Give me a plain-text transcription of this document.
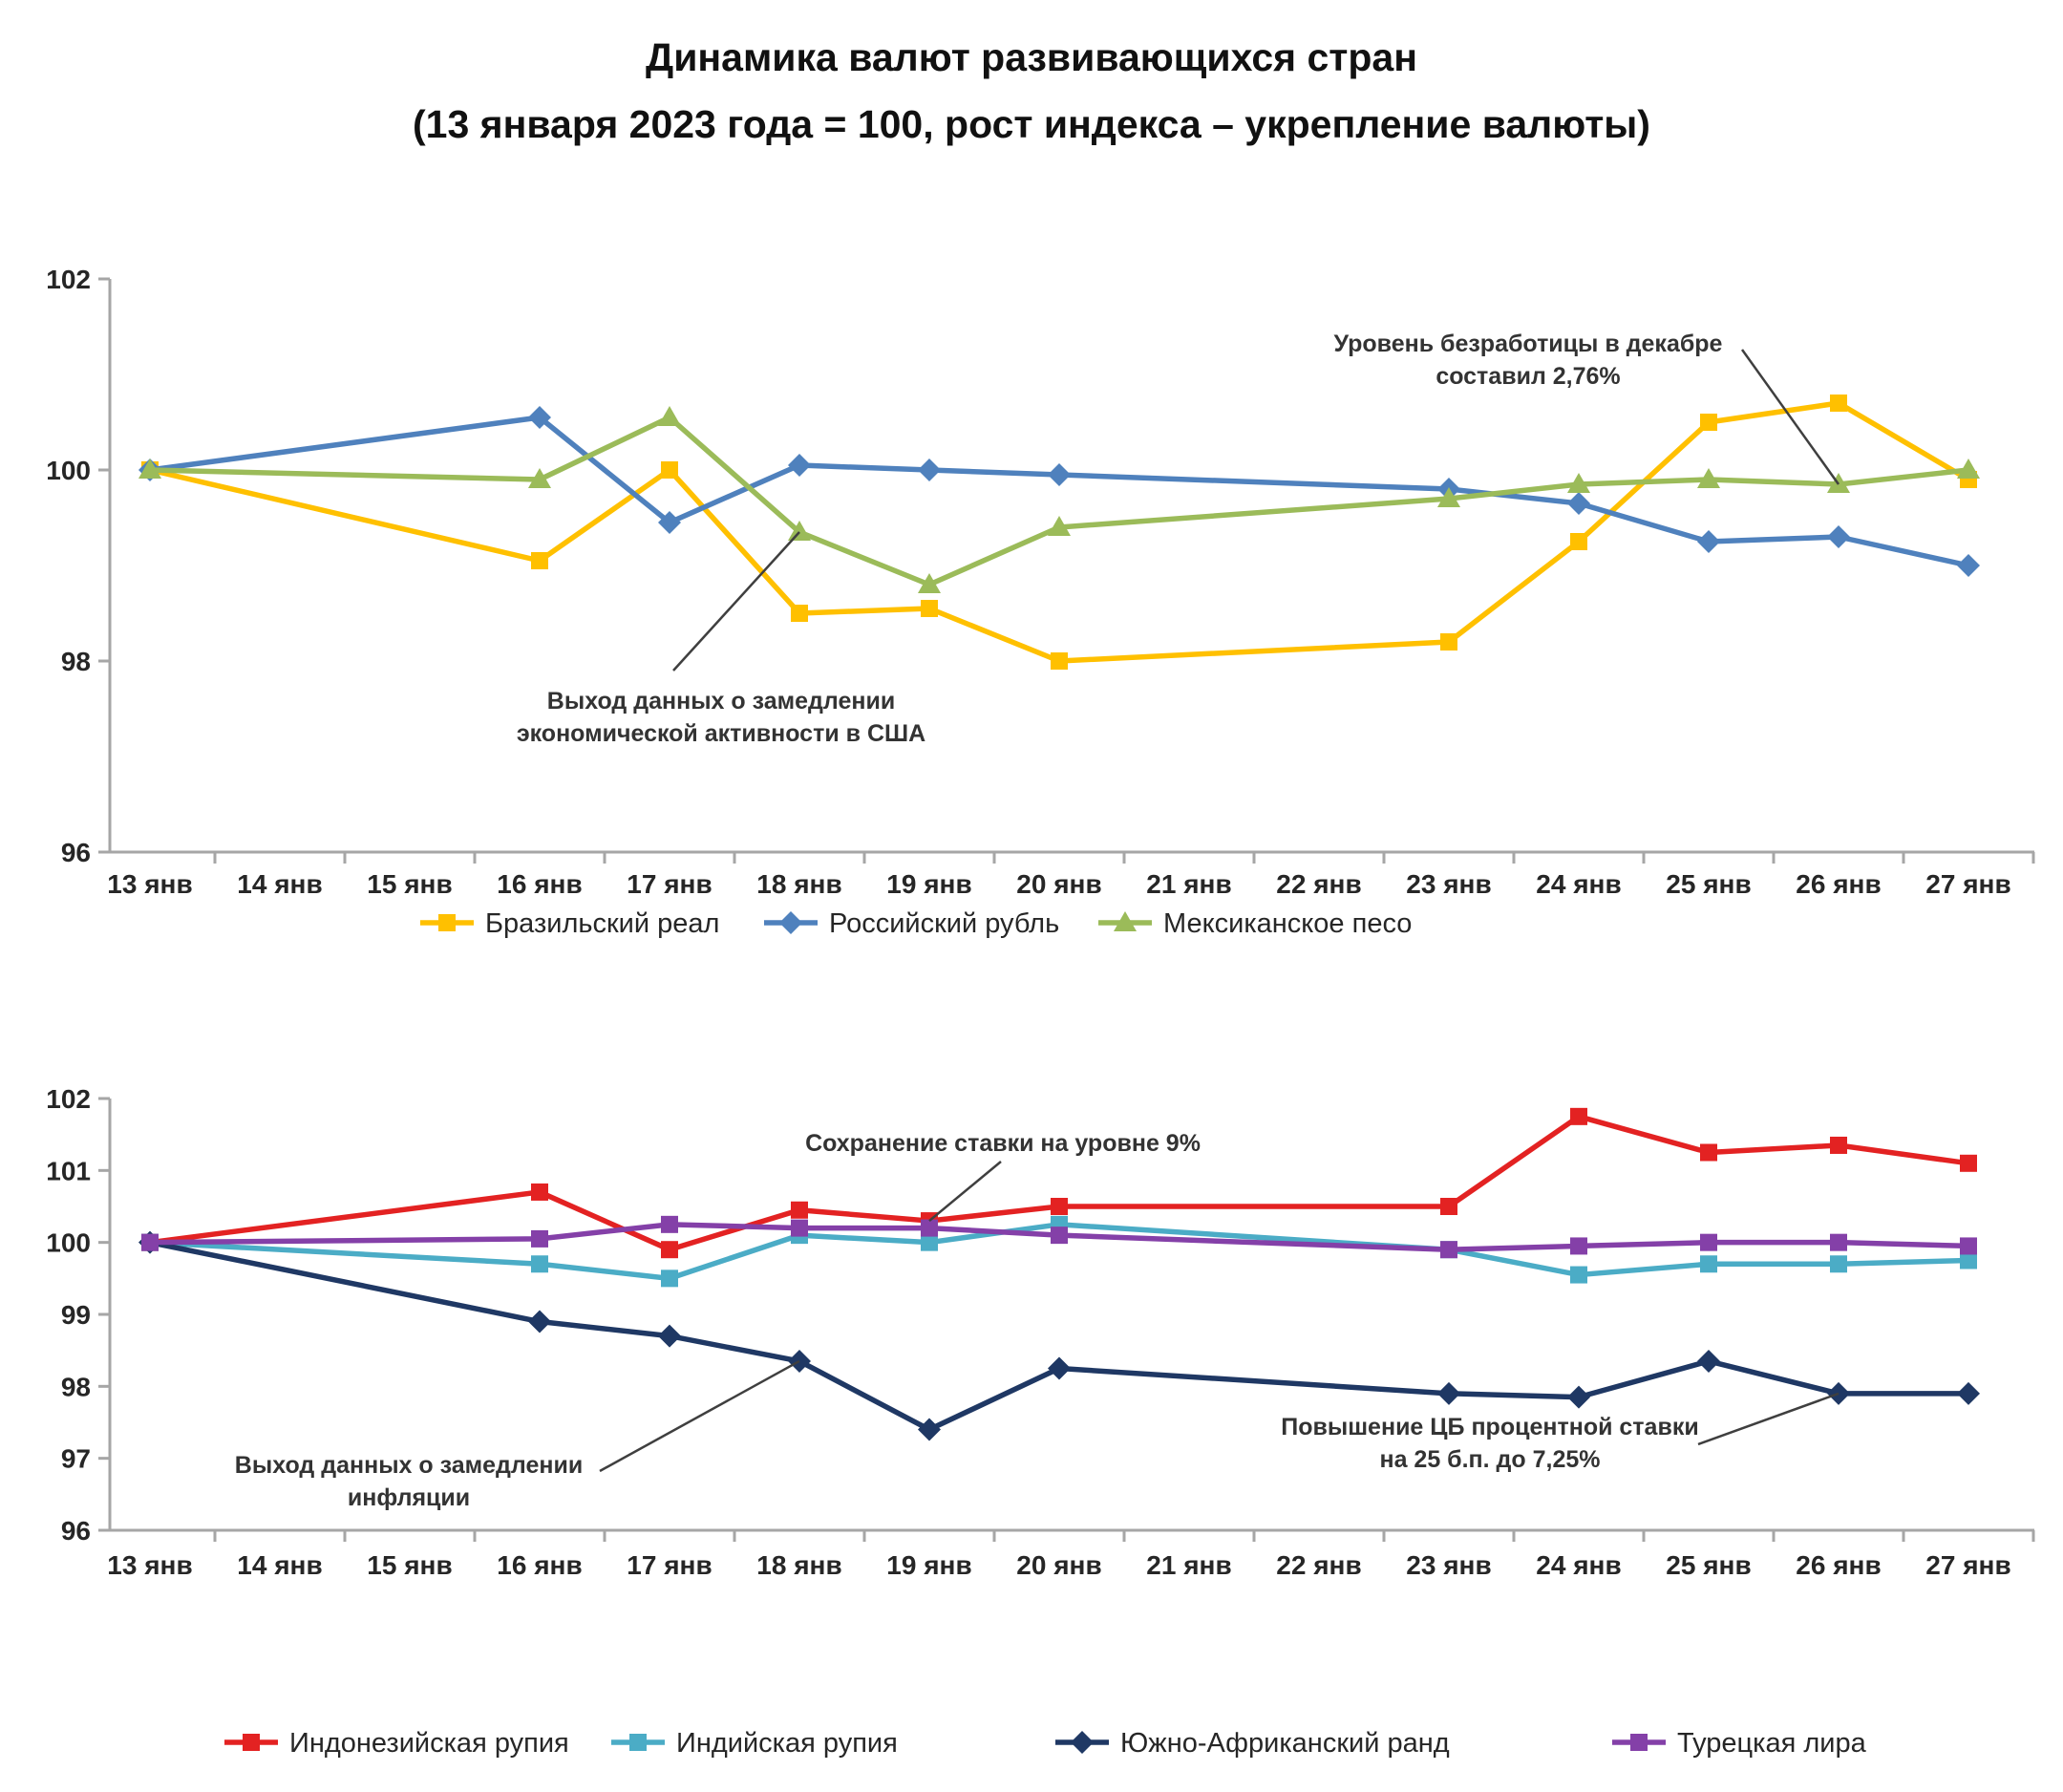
Динамика валют развивающихся стран
(13 января 2023 года = 100, рост индекса – укрепление валюты)
96
98
100
102
13 янв 14 янв 15 янв 16 янв 17 янв 18 янв 19 янв 20 янв 21 янв 22 янв 23 янв 24 янв 25 янв 26 янв 27 янв
Уровень безработицы в декабре
составил 2,76%
Выход данных о замедлении
экономической активности в США
Бразильский реал	Российский рубль	Мексиканское песо
96
97
98
99
100
101
102
13 янв 14 янв 15 янв 16 янв 17 янв 18 янв 19 янв 20 янв 21 янв 22 янв 23 янв 24 янв 25 янв 26 янв 27 янв
Сохранение ставки на уровне 9%
Выход данных о замедлении
инфляции
Повышение ЦБ процентной ставки
на 25 б.п. до 7,25%
Индонезийская рупия	Индийская рупия	Южно-Африканский ранд	Турецкая лира
